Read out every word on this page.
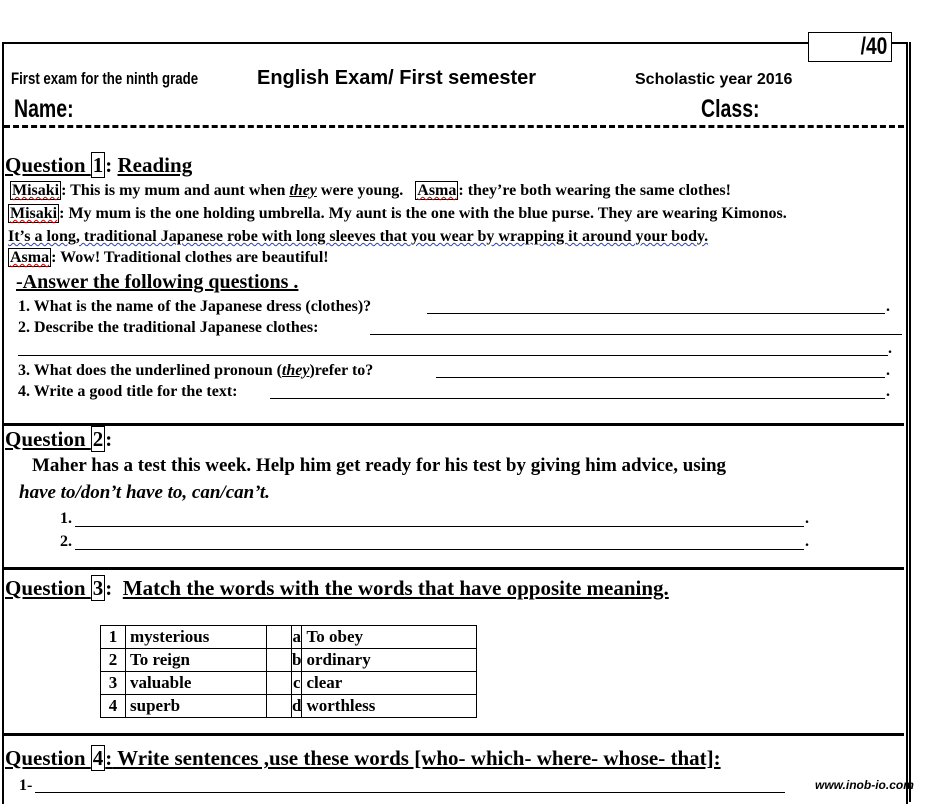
/40
First exam for the ninth grade	English Exam/ First semester	Scholastic year 2016
Name:	Class:
Question 1: Reading
Misaki : This is my mum and aunt when they were young. Asma : they’re both wearing the same clothes!
Misaki : My mum is the one holding umbrella. My aunt is the one with the blue purse. They are wearing Kimonos.
It’s a long, traditional Japanese robe with long sleeves that you wear by wrapping it around your body.
Asma : Wow! Traditional clothes are beautiful!
-Answer the following questions .
1. What is the name of the Japanese dress (clothes)?	.
2. Describe the traditional Japanese clothes:
.
3. What does the underlined pronoun (they)refer to?	.
4. Write a good title for the text:	.
Question 2:
Maher has a test this week. Help him get ready for his test by giving him advice, using
have to/don’t have to, can/can’t.
1.	.
2.	.
Question 3: Match the words with the words that have opposite meaning.
1	mysterious		a	To obey
2	To reign		b	ordinary
3	valuable		c	clear
4	superb		d	worthless
Question 4: Write sentences ,use these words [who- which- where- whose- that]:
1-	www.inob-io.com
